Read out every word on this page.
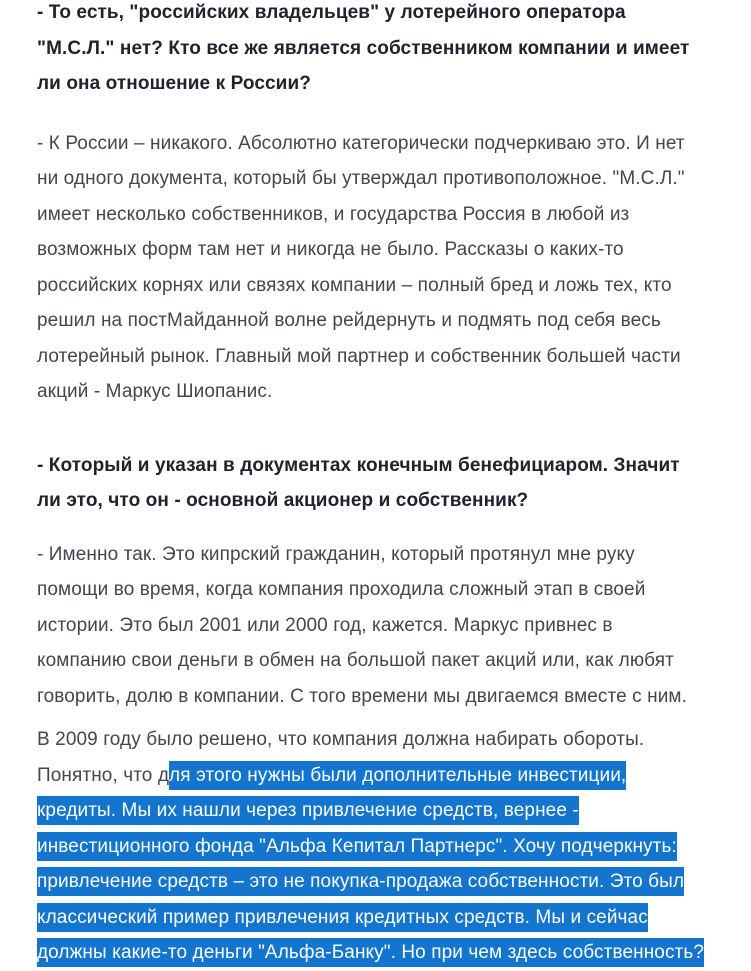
- То есть, "российских владельцев" у лотерейного оператора "М.С.Л." нет? Кто все же является собственником компании и имеет ли она отношение к России?

- К России – никакого. Абсолютно категорически подчеркиваю это. И нет ни одного документа, который бы утверждал противоположное. "М.С.Л." имеет несколько собственников, и государства Россия в любой из возможных форм там нет и никогда не было. Рассказы о каких-то российских корнях или связях компании – полный бред и ложь тех, кто решил на постМайданной волне рейдернуть и подмять под себя весь лотерейный рынок. Главный мой партнер и собственник большей части акций - Маркус Шиопанис.

- Который и указан в документах конечным бенефициаром. Значит ли это, что он - основной акционер и собственник?

- Именно так. Это кипрский гражданин, который протянул мне руку помощи во время, когда компания проходила сложный этап в своей истории. Это был 2001 или 2000 год, кажется. Маркус привнес в компанию свои деньги в обмен на большой пакет акций или, как любят говорить, долю в компании. С того времени мы двигаемся вместе с ним.

В 2009 году было решено, что компания должна набирать обороты. Понятно, что для этого нужны были дополнительные инвестиции, кредиты. Мы их нашли через привлечение средств, вернее - инвестиционного фонда "Альфа Кепитал Партнерс". Хочу подчеркнуть: привлечение средств – это не покупка-продажа собственности. Это был классический пример привлечения кредитных средств. Мы и сейчас должны какие-то деньги "Альфа-Банку". Но при чем здесь собственность?
